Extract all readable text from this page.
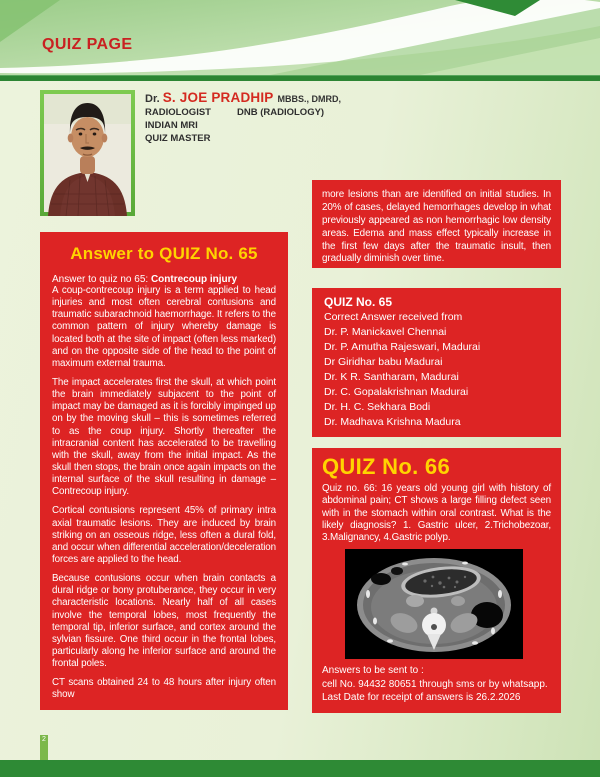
QUIZ PAGE
Dr. S. JOE PRADHIP MBBS., DMRD,
RADIOLOGIST	DNB (RADIOLOGY)
INDIAN MRI
QUIZ MASTER
Answer to QUIZ No. 65

Answer to quiz no 65: Contrecoup injury

A coup-contrecoup injury is a term applied to head injuries and most often cerebral contusions and traumatic subarachnoid haemorrhage. It refers to the common pattern of injury whereby damage is located both at the site of impact (often less marked) and on the opposite side of the head to the point of maximum external trauma.

The impact accelerates first the skull, at which point the brain immediately subjacent to the point of impact may be damaged as it is forcibly impinged up on by the moving skull – this is sometimes referred to as the coup injury. Shortly thereafter the intracranial content has accelerated to be travelling with the skull, away from the initial impact. As the skull then stops, the brain once again impacts on the internal surface of the skull resulting in damage – Contrecoup injury.

Cortical contusions represent 45% of primary intra axial traumatic lesions. They are induced by brain striking on an osseous ridge, less often a dural fold, and occur when differential acceleration/deceleration forces are applied to the head.

Because contusions occur when brain contacts a dural ridge or bony protuberance, they occur in very characteristic locations. Nearly half of all cases involve the temporal lobes, most frequently the temporal tip, inferior surface, and cortex around the sylvian fissure. One third occur in the frontal lobes, particularly along he inferior surface and around the frontal poles.

CT scans obtained 24 to 48 hours after injury often show

more lesions than are identified on initial studies. In 20% of cases, delayed hemorrhages develop in what previously appeared as non hemorrhagic low density areas. Edema and mass effect typically increase in the first few days after the traumatic insult, then gradually diminish over time.

QUIZ No. 65
Correct Answer received from
Dr. P. Manickavel Chennai
Dr. P. Amutha Rajeswari, Madurai
Dr Giridhar babu Madurai
Dr. K R. Santharam, Madurai
Dr. C. Gopalakrishnan Madurai
Dr. H. C. Sekhara Bodi
Dr. Madhava Krishna Madura
QUIZ No. 66

Quiz no. 66: 16 years old young girl with history of abdominal pain; CT shows a large filling defect seen with in the stomach within oral contrast. What is the likely diagnosis? 1. Gastric ulcer, 2.Trichobezoar, 3.Malignancy, 4.Gastric polyp.

Answers to be sent to :
cell No. 94432 80651 through sms or by whatsapp.
Last Date for receipt of answers is 26.2.2026
2
